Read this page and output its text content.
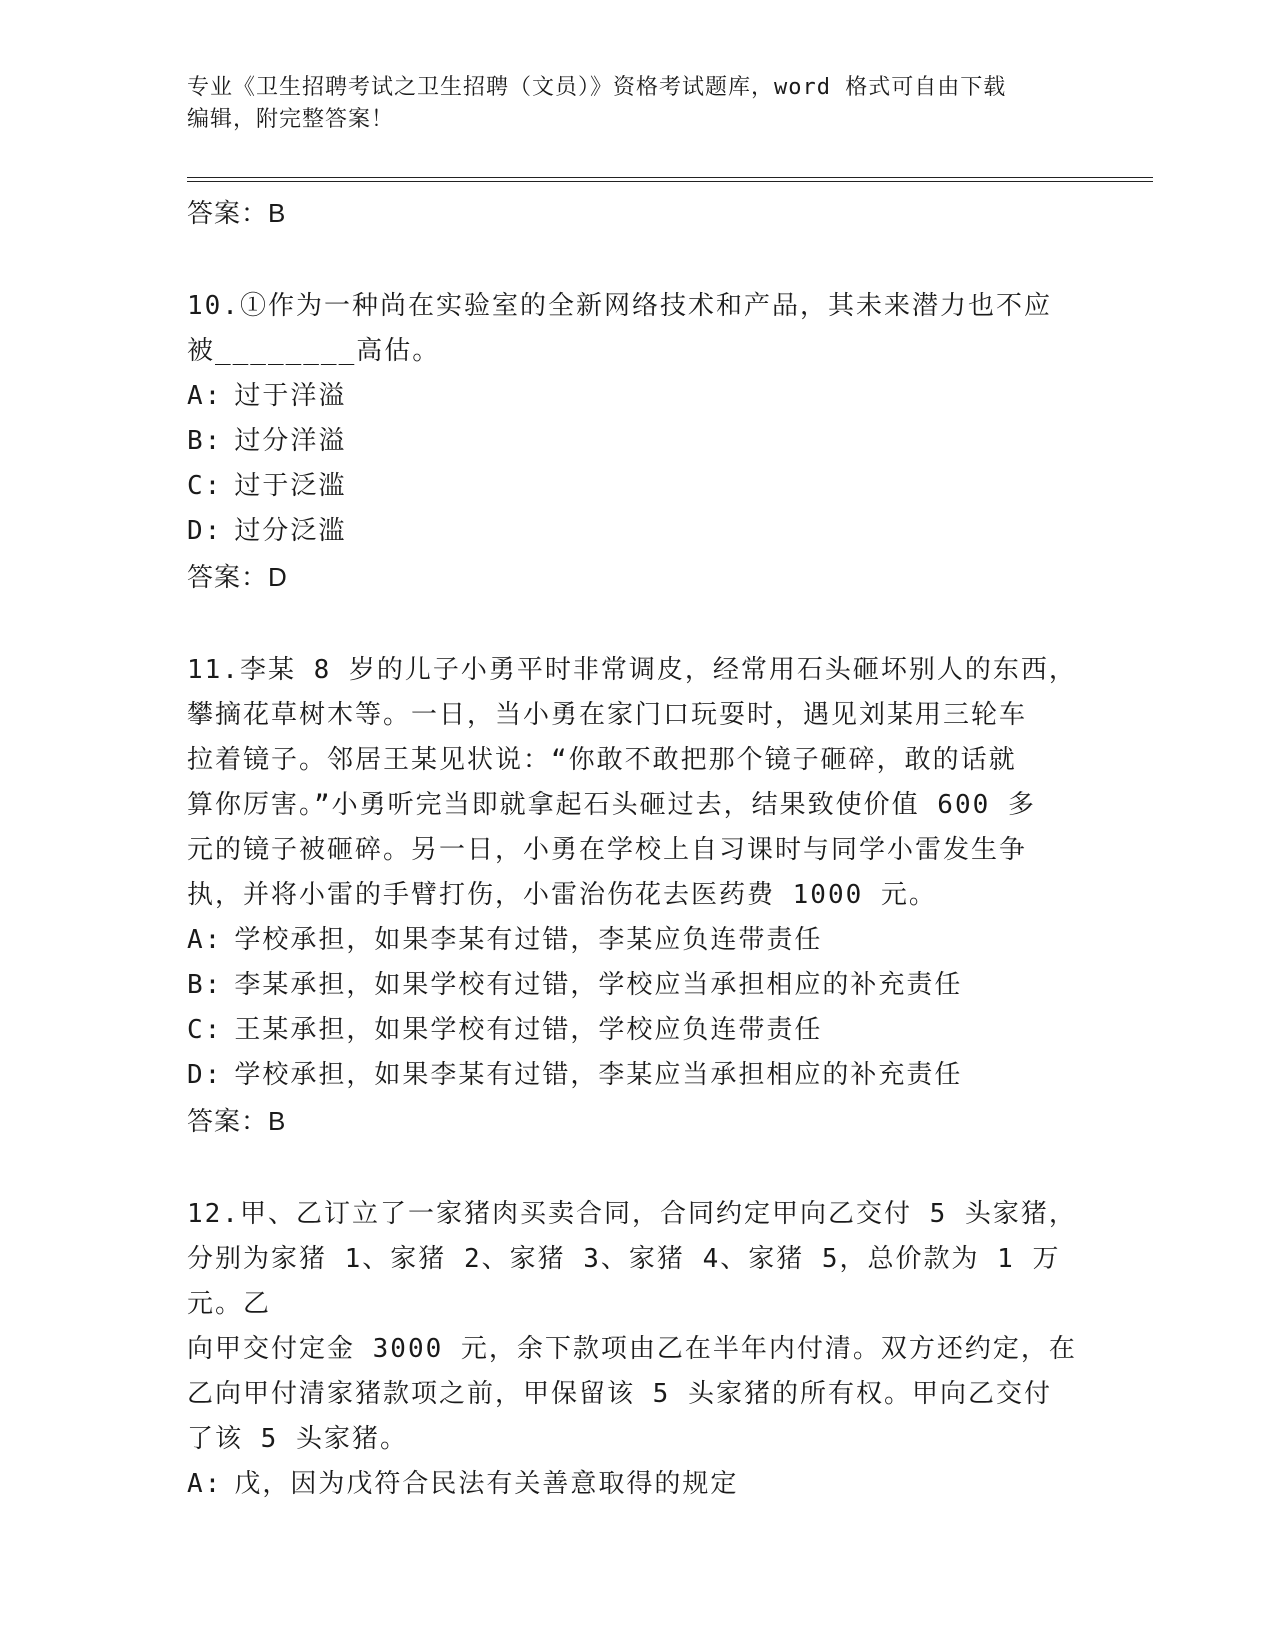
专业《卫生招聘考试之卫生招聘（文员）》资格考试题库，word 格式可自由下载
编辑，附完整答案！
答案：B
10.①作为一种尚在实验室的全新网络技术和产品，其未来潜力也不应
被________高估。
A: 过于洋溢
B: 过分洋溢
C: 过于泛滥
D: 过分泛滥
答案：D
11.李某 8 岁的儿子小勇平时非常调皮，经常用石头砸坏别人的东西，
攀摘花草树木等。一日，当小勇在家门口玩耍时，遇见刘某用三轮车
拉着镜子。邻居王某见状说：“你敢不敢把那个镜子砸碎，敢的话就
算你厉害。”小勇听完当即就拿起石头砸过去，结果致使价值 600 多
元的镜子被砸碎。另一日，小勇在学校上自习课时与同学小雷发生争
执，并将小雷的手臂打伤，小雷治伤花去医药费 1000 元。
A: 学校承担，如果李某有过错，李某应负连带责任
B: 李某承担，如果学校有过错，学校应当承担相应的补充责任
C: 王某承担，如果学校有过错，学校应负连带责任
D: 学校承担，如果李某有过错，李某应当承担相应的补充责任
答案：B
12.甲、乙订立了一家猪肉买卖合同，合同约定甲向乙交付 5 头家猪，
分别为家猪 1、家猪 2、家猪 3、家猪 4、家猪 5，总价款为 1 万元。乙
向甲交付定金 3000 元，余下款项由乙在半年内付清。双方还约定，在
乙向甲付清家猪款项之前，甲保留该 5 头家猪的所有权。甲向乙交付
了该 5 头家猪。
A: 戊，因为戊符合民法有关善意取得的规定
